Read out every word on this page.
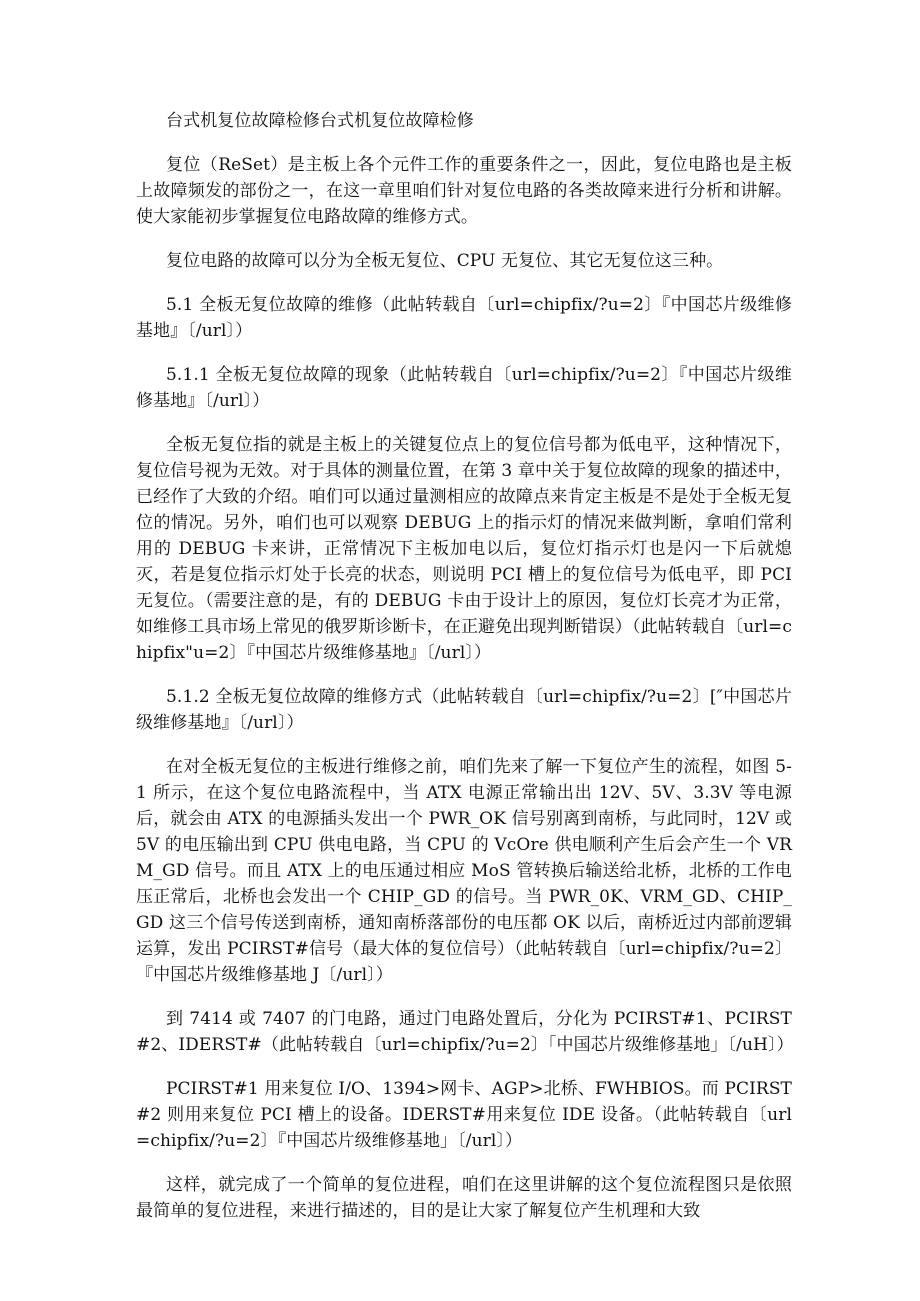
台式机复位故障检修台式机复位故障检修

复位（ReSet）是主板上各个元件工作的重要条件之一，因此，复位电路也是主板上故障频发的部份之一，在这一章里咱们针对复位电路的各类故障来进行分析和讲解。使大家能初步掌握复位电路故障的维修方式。

复位电路的故障可以分为全板无复位、CPU 无复位、其它无复位这三种。

5.1 全板无复位故障的维修（此帖转载自〔url=chipfix/?u=2〕『中国芯片级维修基地』〔/url〕）

5.1.1 全板无复位故障的现象（此帖转载自〔url=chipfix/?u=2〕『中国芯片级维修基地』〔/url〕）

全板无复位指的就是主板上的关键复位点上的复位信号都为低电平，这种情况下，复位信号视为无效。对于具体的测量位置，在第 3 章中关于复位故障的现象的描述中，已经作了大致的介绍。咱们可以通过量测相应的故障点来肯定主板是不是处于全板无复位的情况。另外，咱们也可以观察 DEBUG 上的指示灯的情况来做判断，拿咱们常利用的 DEBUG 卡来讲，正常情况下主板加电以后，复位灯指示灯也是闪一下后就熄灭，若是复位指示灯处于长亮的状态，则说明 PCI 槽上的复位信号为低电平，即 PCI 无复位。（需要注意的是，有的 DEBUG 卡由于设计上的原因，复位灯长亮才为正常，如维修工具市场上常见的俄罗斯诊断卡，在正避免出现判断错误）（此帖转载自〔url=chipfix"u=2〕『中国芯片级维修基地』〔/url〕）

5.1.2 全板无复位故障的维修方式（此帖转载自〔url=chipfix/?u=2〕[″中国芯片级维修基地』〔/url〕）

在对全板无复位的主板进行维修之前，咱们先来了解一下复位产生的流程，如图 5-1 所示，在这个复位电路流程中，当 ATX 电源正常输出出 12V、5V、3.3V 等电源后，就会由 ATX 的电源插头发出一个 PWR_OK 信号别离到南桥，与此同时，12V 或 5V 的电压输出到 CPU 供电电路，当 CPU 的 VcOre 供电顺利产生后会产生一个 VRM_GD 信号。而且 ATX 上的电压通过相应 MoS 管转换后输送给北桥，北桥的工作电压正常后，北桥也会发出一个 CHIP_GD 的信号。当 PWR_0K、VRM_GD、CHIP_GD 这三个信号传送到南桥，通知南桥落部份的电压都 OK 以后，南桥近过内部前逻辑运算，发出 PCIRST#信号（最大体的复位信号）（此帖转载自〔url=chipfix/?u=2〕『中国芯片级维修基地 J〔/url〕）

到 7414 或 7407 的门电路，通过门电路处置后，分化为 PCIRST#1、PCIRST#2、IDERST#（此帖转载自〔url=chipfix/?u=2〕「中国芯片级维修基地」〔/uH〕）

PCIRST#1 用来复位 I/O、1394>网卡、AGP>北桥、FWHBIOS。而 PCIRST#2 则用来复位 PCI 槽上的设备。IDERST#用来复位 IDE 设备。（此帖转载自〔url=chipfix/?u=2〕『中国芯片级维修基地」〔/url〕）

这样，就完成了一个简单的复位进程，咱们在这里讲解的这个复位流程图只是依照最简单的复位进程，来进行描述的，目的是让大家了解复位产生机理和大致
